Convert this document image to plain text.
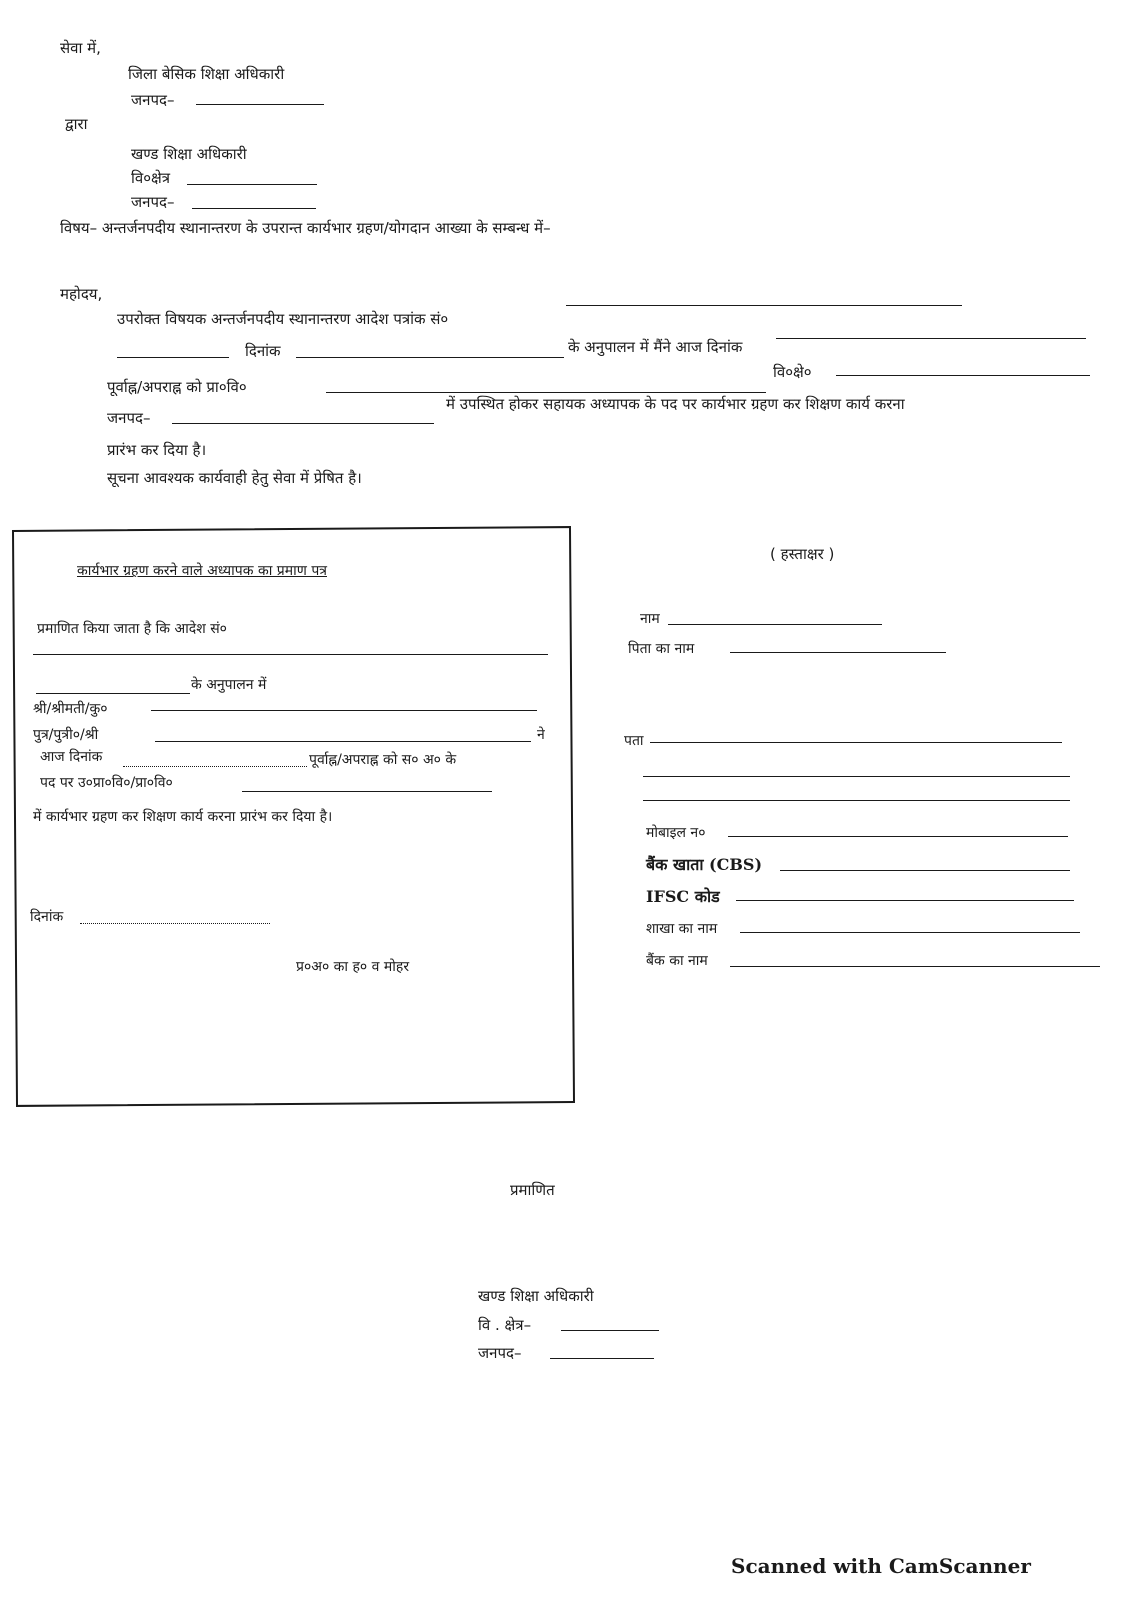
सेवा में,
जिला बेसिक शिक्षा अधिकारी
जनपद–
द्वारा
खण्ड शिक्षा अधिकारी
वि०क्षेत्र
जनपद–
विषय– अन्तर्जनपदीय स्थानान्तरण के उपरान्त कार्यभार ग्रहण/योगदान आख्या के सम्बन्ध में–
महोदय,
उपरोक्त विषयक अन्तर्जनपदीय स्थानान्तरण आदेश पत्रांक सं०
दिनांक	के अनुपालन में मैंने आज दिनांक
पूर्वाह्न/अपराह्न को प्रा०वि०
वि०क्षे०
जनपद–
में उपस्थित होकर सहायक अध्यापक के पद पर कार्यभार ग्रहण कर शिक्षण कार्य करना
प्रारंभ कर दिया है।
सूचना आवश्यक कार्यवाही हेतु सेवा में प्रेषित है।
कार्यभार ग्रहण करने वाले अध्यापक का प्रमाण पत्र
प्रमाणित किया जाता है कि आदेश सं०
के अनुपालन में
श्री/श्रीमती/कु०
पुत्र/पुत्री०/श्री	ने
आज दिनांक	पूर्वाह्न/अपराह्न को स० अ० के
पद पर उ०प्रा०वि०/प्रा०वि०
में कार्यभार ग्रहण कर शिक्षण कार्य करना प्रारंभ कर दिया है।
दिनांक
प्र०अ० का ह० व मोहर
( हस्ताक्षर )
नाम
पिता का नाम
पता
मोबाइल न०
बैंक खाता (CBS)
IFSC कोड
शाखा का नाम
बैंक का नाम
प्रमाणित
खण्ड शिक्षा अधिकारी
वि . क्षेत्र–
जनपद–
Scanned with CamScanner
